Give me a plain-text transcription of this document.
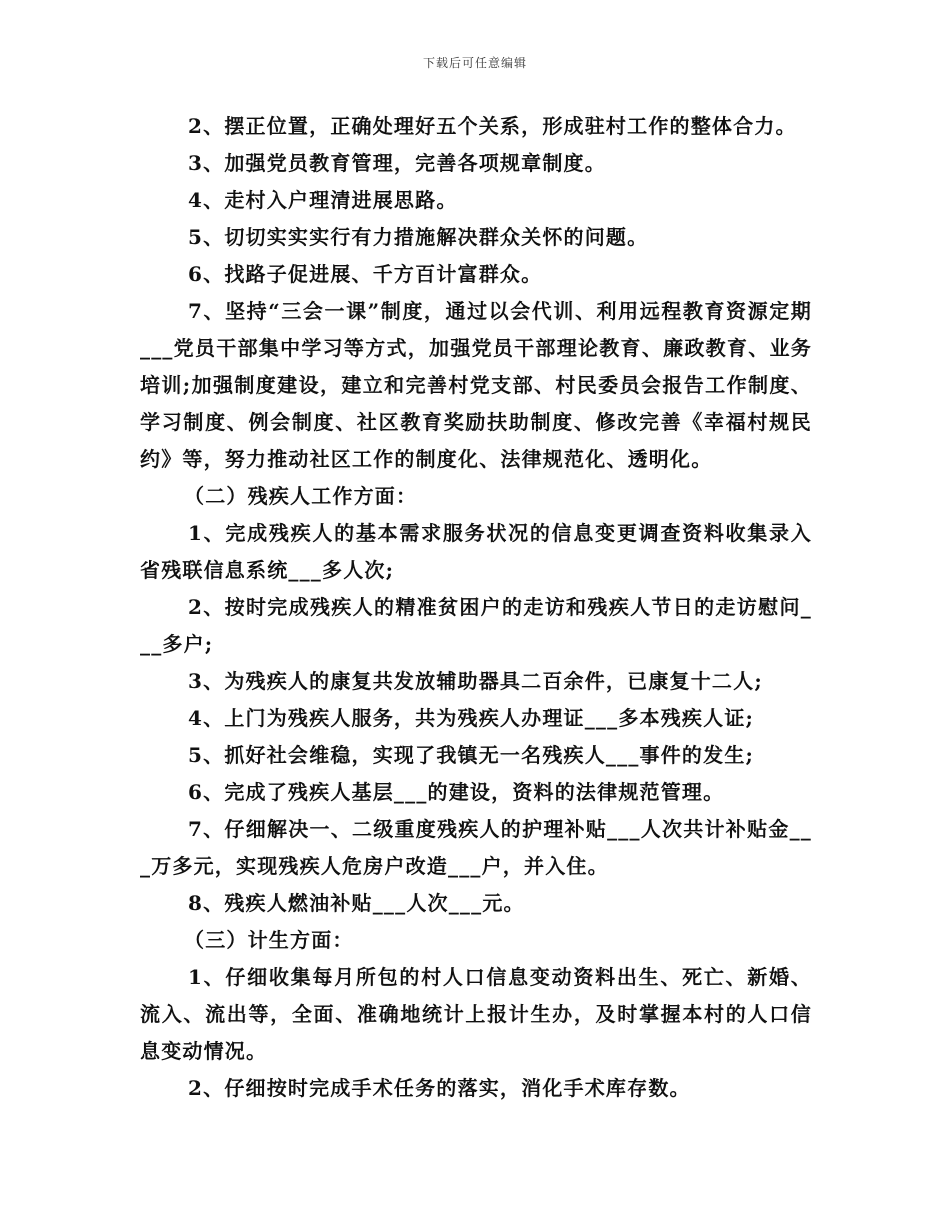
下载后可任意编辑

2、摆正位置，正确处理好五个关系，形成驻村工作的整体合力。

3、加强党员教育管理，完善各项规章制度。

4、走村入户理清进展思路。

5、切切实实实行有力措施解决群众关怀的问题。

6、找路子促进展、千方百计富群众。

7、坚持“三会一课”制度，通过以会代训、利用远程教育资源定期___党员干部集中学习等方式，加强党员干部理论教育、廉政教育、业务培训;加强制度建设，建立和完善村党支部、村民委员会报告工作制度、学习制度、例会制度、社区教育奖励扶助制度、修改完善《幸福村规民约》等，努力推动社区工作的制度化、法律规范化、透明化。

（二）残疾人工作方面：

1、完成残疾人的基本需求服务状况的信息变更调查资料收集录入省残联信息系统___多人次;

2、按时完成残疾人的精准贫困户的走访和残疾人节日的走访慰问___多户;

3、为残疾人的康复共发放辅助器具二百余件，已康复十二人;

4、上门为残疾人服务，共为残疾人办理证___多本残疾人证;

5、抓好社会维稳，实现了我镇无一名残疾人___事件的发生;

6、完成了残疾人基层___的建设，资料的法律规范管理。

7、仔细解决一、二级重度残疾人的护理补贴___人次共计补贴金___万多元，实现残疾人危房户改造___户，并入住。

8、残疾人燃油补贴___人次___元。

（三）计生方面：

1、仔细收集每月所包的村人口信息变动资料出生、死亡、新婚、流入、流出等，全面、准确地统计上报计生办，及时掌握本村的人口信息变动情况。

2、仔细按时完成手术任务的落实，消化手术库存数。
